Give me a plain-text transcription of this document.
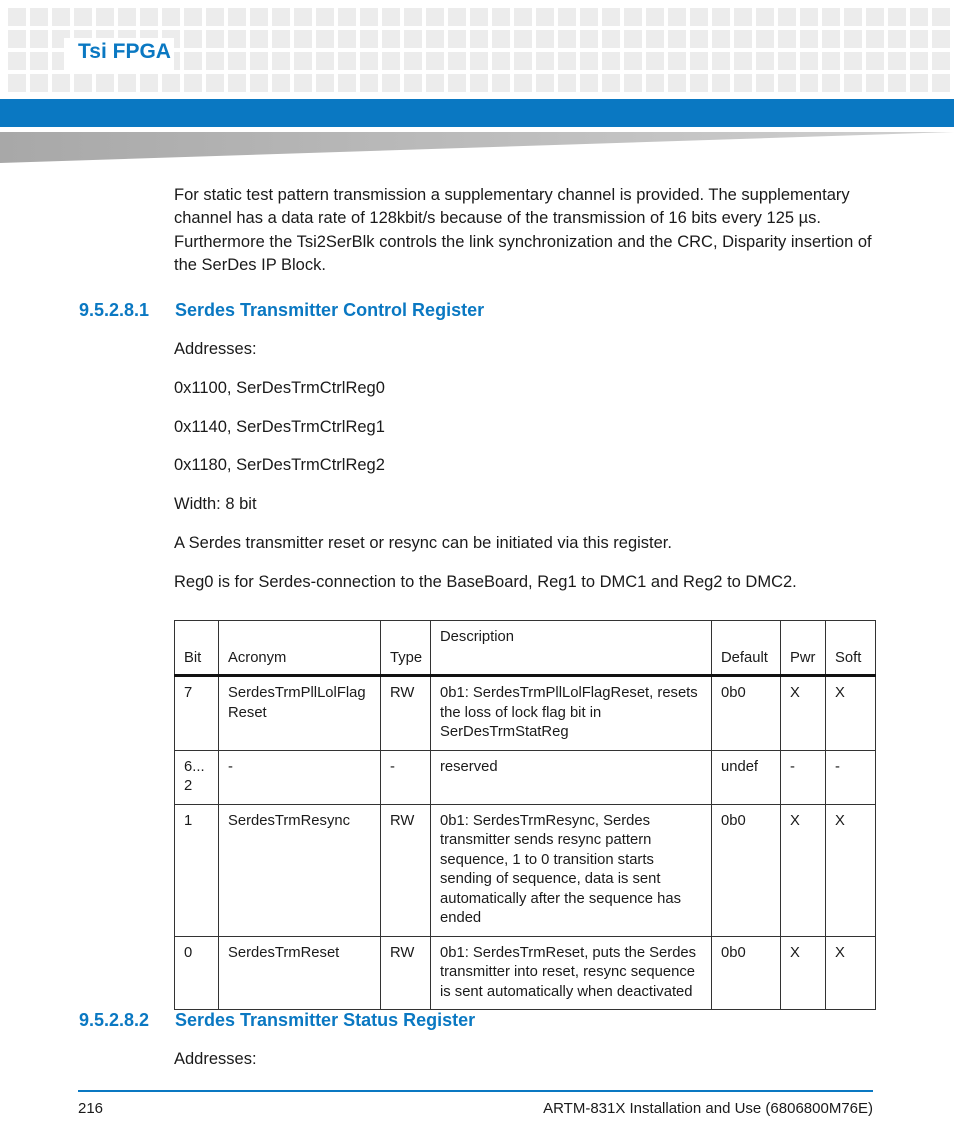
Tsi FPGA

For static test pattern transmission a supplementary channel is provided. The supplementary channel has a data rate of 128kbit/s because of the transmission of 16 bits every 125 µs. Furthermore the Tsi2SerBlk controls the link synchronization and the CRC, Disparity insertion of the SerDes IP Block.

9.5.2.8.1 Serdes Transmitter Control Register

Addresses:

0x1100, SerDesTrmCtrlReg0

0x1140, SerDesTrmCtrlReg1

0x1180, SerDesTrmCtrlReg2

Width: 8 bit

A Serdes transmitter reset or resync can be initiated via this register.

Reg0 is for Serdes-connection to the BaseBoard, Reg1 to DMC1 and Reg2 to DMC2.

Bit	Acronym	Type	Description	Default	Pwr	Soft
7	SerdesTrmPllLolFlag Reset	RW	0b1: SerdesTrmPllLolFlagReset, resets the loss of lock flag bit in SerDesTrmStatReg	0b0	X	X
6... 2	-	-	reserved	undef	-	-
1	SerdesTrmResync	RW	0b1: SerdesTrmResync, Serdes transmitter sends resync pattern sequence, 1 to 0 transition starts sending of sequence, data is sent automatically after the sequence has ended	0b0	X	X
0	SerdesTrmReset	RW	0b1: SerdesTrmReset, puts the Serdes transmitter into reset, resync sequence is sent automatically when deactivated	0b0	X	X
9.5.2.8.2 Serdes Transmitter Status Register

Addresses:

216	ARTM-831X Installation and Use (6806800M76E)
